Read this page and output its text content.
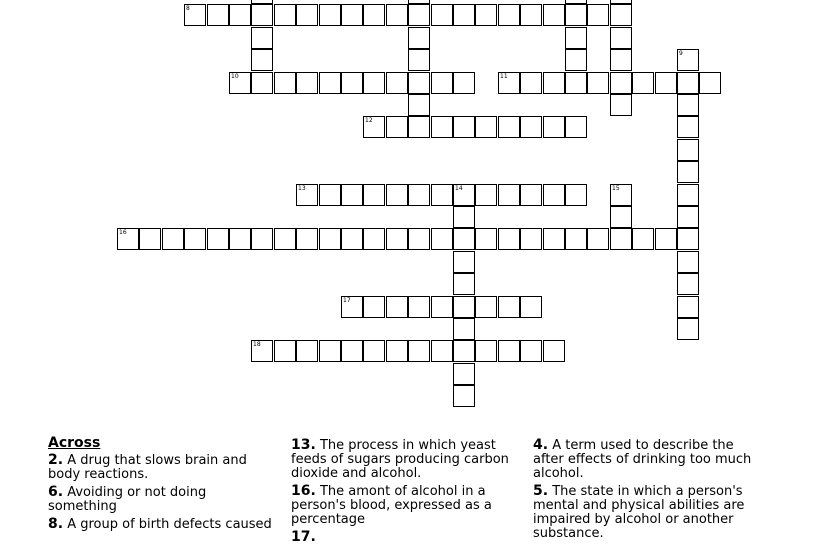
8
10	11
12
13	14
16
17
18
9
15
Across
2. A drug that slows brain and body reactions.
6. Avoiding or not doing something
8. A group of birth defects caused
13. The process in which yeast feeds of sugars producing carbon dioxide and alcohol.
16. The amont of alcohol in a person's blood, expressed as a percentage
17.
4. A term used to describe the after effects of drinking too much alcohol.
5. The state in which a person's mental and physical abilities are impaired by alcohol or another substance.
